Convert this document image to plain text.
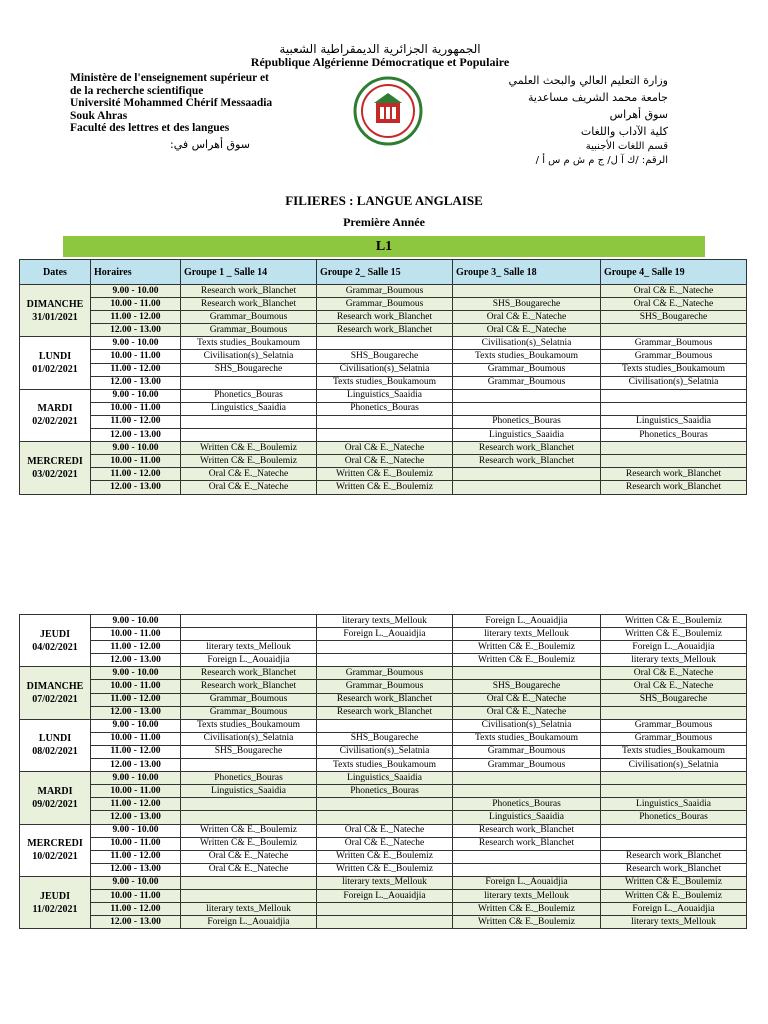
الجمهورية الجزائرية الديمقراطية الشعبية
République Algérienne Démocratique et Populaire
Ministère de l'enseignement supérieur et
de la recherche scientifique
Université Mohammed Chérif Messaadia
Souk Ahras
Faculté des lettres et des langues
وزارة التعليم العالي والبحث العلمي
جامعة محمد الشريف مساعدية
سوق أهراس
كلية الآداب واللغات
سوق أهراس في:	قسم اللغات الأجنبية
الرقم: /ك آ ل/ ج م ش م س أ /
FILIERES : LANGUE ANGLAISE
Première Année
L1
Dates	Horaires	Groupe 1 _ Salle 14	Groupe 2_ Salle 15	Groupe 3_ Salle 18	Groupe 4_ Salle 19
DIMANCHE
31/01/2021	9.00 - 10.00	Research work_Blanchet	Grammar_Boumous		Oral C& E._Nateche
	10.00 - 11.00	Research work_Blanchet	Grammar_Boumous	SHS_Bougareche	Oral C& E._Nateche
	11.00 - 12.00	Grammar_Boumous	Research work_Blanchet	Oral C& E._Nateche	SHS_Bougareche
	12.00 - 13.00	Grammar_Boumous	Research work_Blanchet	Oral C& E._Nateche	
LUNDI
01/02/2021	9.00 - 10.00	Texts studies_Boukamoum		Civilisation(s)_Selatnia	Grammar_Boumous
	10.00 - 11.00	Civilisation(s)_Selatnia	SHS_Bougareche	Texts studies_Boukamoum	Grammar_Boumous
	11.00 - 12.00	SHS_Bougareche	Civilisation(s)_Selatnia	Grammar_Boumous	Texts studies_Boukamoum
	12.00 - 13.00		Texts studies_Boukamoum	Grammar_Boumous	Civilisation(s)_Selatnia
MARDI
02/02/2021	9.00 - 10.00	Phonetics_Bouras	Linguistics_Saaidia		
	10.00 - 11.00	Linguistics_Saaidia	Phonetics_Bouras		
	11.00 - 12.00			Phonetics_Bouras	Linguistics_Saaidia
	12.00 - 13.00			Linguistics_Saaidia	Phonetics_Bouras
MERCREDI
03/02/2021	9.00 - 10.00	Written C& E._Boulemiz	Oral C& E._Nateche	Research work_Blanchet	
	10.00 - 11.00	Written C& E._Boulemiz	Oral C& E._Nateche	Research work_Blanchet	
	11.00 - 12.00	Oral C& E._Nateche	Written C& E._Boulemiz		Research work_Blanchet
	12.00 - 13.00	Oral C& E._Nateche	Written C& E._Boulemiz		Research work_Blanchet
JEUDI
04/02/2021	9.00 - 10.00		literary texts_Mellouk	Foreign L._Aouaidjia	Written C& E._Boulemiz
	10.00 - 11.00		Foreign L._Aouaidjia	literary texts_Mellouk	Written C& E._Boulemiz
	11.00 - 12.00	literary texts_Mellouk		Written C& E._Boulemiz	Foreign L._Aouaidjia
	12.00 - 13.00	Foreign L._Aouaidjia		Written C& E._Boulemiz	literary texts_Mellouk
DIMANCHE
07/02/2021	9.00 - 10.00	Research work_Blanchet	Grammar_Boumous		Oral C& E._Nateche
	10.00 - 11.00	Research work_Blanchet	Grammar_Boumous	SHS_Bougareche	Oral C& E._Nateche
	11.00 - 12.00	Grammar_Boumous	Research work_Blanchet	Oral C& E._Nateche	SHS_Bougareche
	12.00 - 13.00	Grammar_Boumous	Research work_Blanchet	Oral C& E._Nateche	
LUNDI
08/02/2021	9.00 - 10.00	Texts studies_Boukamoum		Civilisation(s)_Selatnia	Grammar_Boumous
	10.00 - 11.00	Civilisation(s)_Selatnia	SHS_Bougareche	Texts studies_Boukamoum	Grammar_Boumous
	11.00 - 12.00	SHS_Bougareche	Civilisation(s)_Selatnia	Grammar_Boumous	Texts studies_Boukamoum
	12.00 - 13.00		Texts studies_Boukamoum	Grammar_Boumous	Civilisation(s)_Selatnia
MARDI
09/02/2021	9.00 - 10.00	Phonetics_Bouras	Linguistics_Saaidia		
	10.00 - 11.00	Linguistics_Saaidia	Phonetics_Bouras		
	11.00 - 12.00			Phonetics_Bouras	Linguistics_Saaidia
	12.00 - 13.00			Linguistics_Saaidia	Phonetics_Bouras
MERCREDI
10/02/2021	9.00 - 10.00	Written C& E._Boulemiz	Oral C& E._Nateche	Research work_Blanchet	
	10.00 - 11.00	Written C& E._Boulemiz	Oral C& E._Nateche	Research work_Blanchet	
	11.00 - 12.00	Oral C& E._Nateche	Written C& E._Boulemiz		Research work_Blanchet
	12.00 - 13.00	Oral C& E._Nateche	Written C& E._Boulemiz		Research work_Blanchet
JEUDI
11/02/2021	9.00 - 10.00		literary texts_Mellouk	Foreign L._Aouaidjia	Written C& E._Boulemiz
	10.00 - 11.00		Foreign L._Aouaidjia	literary texts_Mellouk	Written C& E._Boulemiz
	11.00 - 12.00	literary texts_Mellouk		Written C& E._Boulemiz	Foreign L._Aouaidjia
	12.00 - 13.00	Foreign L._Aouaidjia		Written C& E._Boulemiz	literary texts_Mellouk
